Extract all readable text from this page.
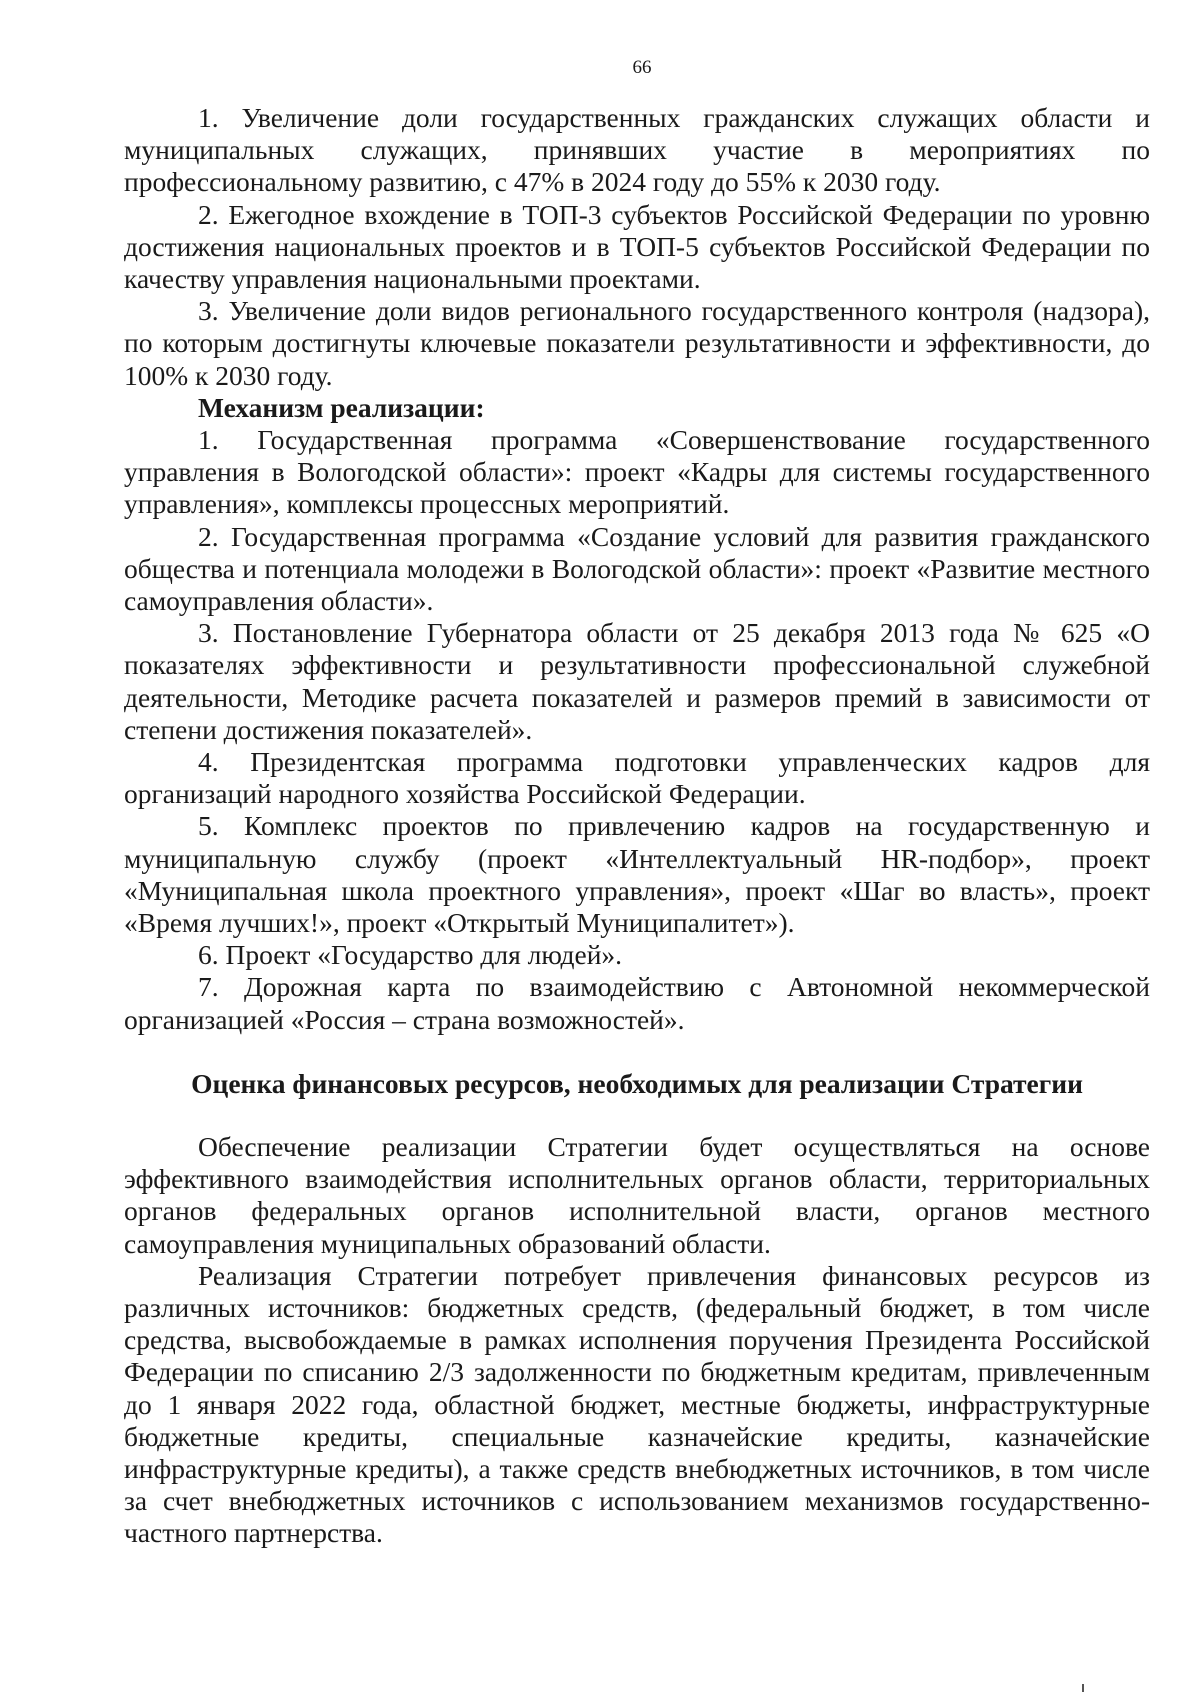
66

1. Увеличение доли государственных гражданских служащих области и муниципальных служащих, принявших участие в мероприятиях по профессиональному развитию, с 47% в 2024 году до 55% к 2030 году.

2. Ежегодное вхождение в ТОП-3 субъектов Российской Федерации по уровню достижения национальных проектов и в ТОП-5 субъектов Российской Федерации по качеству управления национальными проектами.

3. Увеличение доли видов регионального государственного контроля (надзора), по которым достигнуты ключевые показатели результативности и эффективности, до 100% к 2030 году.

Механизм реализации:

1. Государственная программа «Совершенствование государственного управления в Вологодской области»: проект «Кадры для системы государственного управления», комплексы процессных мероприятий.

2. Государственная программа «Создание условий для развития гражданского общества и потенциала молодежи в Вологодской области»: проект «Развитие местного самоуправления области».

3. Постановление Губернатора области от 25 декабря 2013 года № 625 «О показателях эффективности и результативности профессиональной служебной деятельности, Методике расчета показателей и размеров премий в зависимости от степени достижения показателей».

4. Президентская программа подготовки управленческих кадров для организаций народного хозяйства Российской Федерации.

5. Комплекс проектов по привлечению кадров на государственную и муниципальную службу (проект «Интеллектуальный HR-подбор», проект «Муниципальная школа проектного управления», проект «Шаг во власть», проект «Время лучших!», проект «Открытый Муниципалитет»).

6. Проект «Государство для людей».

7. Дорожная карта по взаимодействию с Автономной некоммерческой организацией «Россия – страна возможностей».

Оценка финансовых ресурсов, необходимых для реализации Стратегии

Обеспечение реализации Стратегии будет осуществляться на основе эффективного взаимодействия исполнительных органов области, территориальных органов федеральных органов исполнительной власти, органов местного самоуправления муниципальных образований области.

Реализация Стратегии потребует привлечения финансовых ресурсов из различных источников: бюджетных средств, (федеральный бюджет, в том числе средства, высвобождаемые в рамках исполнения поручения Президента Российской Федерации по списанию 2/3 задолженности по бюджетным кредитам, привлеченным до 1 января 2022 года, областной бюджет, местные бюджеты, инфраструктурные бюджетные кредиты, специальные казначейские кредиты, казначейские инфраструктурные кредиты), а также средств внебюджетных источников, в том числе за счет внебюджетных источников с использованием механизмов государственно-частного партнерства.
